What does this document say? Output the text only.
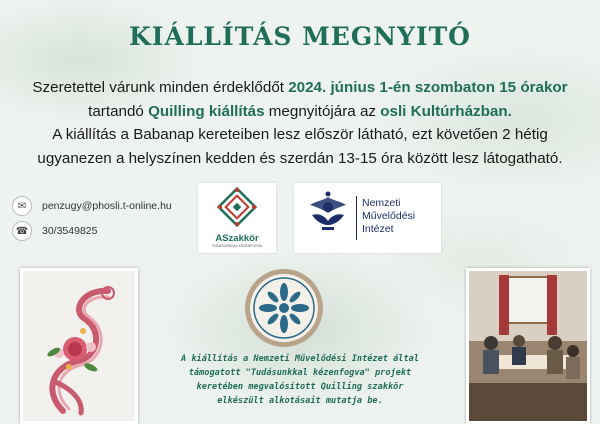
KIÁLLÍTÁS MEGNYITÓ
Szeretettel várunk minden érdeklődőt 2024. június 1-én szombaton 15 órakor
tartandó Quilling kiállítás megnyitójára az osli Kultúrházban.
A kiállítás a Babanap kereteiben lesz először látható, ezt követően 2 hétig
ugyanezen a helyszínen kedden és szerdán 13-15 óra között lesz látogatható.
✉	penzugy@phosli.t-online.hu
☎	30/3549825
ASzakkör
TUDÁSUNKKAL KÉZENFOGVA
Nemzeti
Művelődési
Intézet
A kiállítás a Nemzeti Művelődési Intézet által
támogatott "Tudásunkkal kézenfogva" projekt
keretében megvalósított Quilling szakkör
elkészült alkotásait mutatja be.
